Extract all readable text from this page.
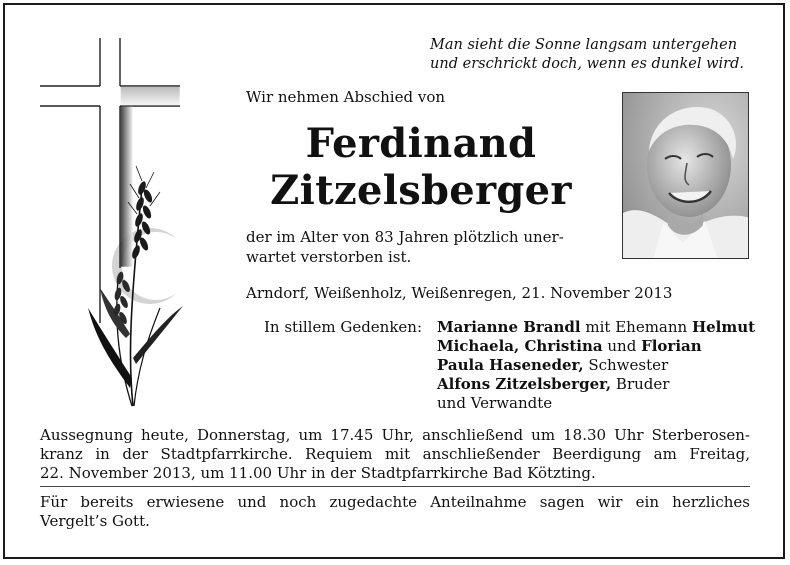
Man sieht die Sonne langsam untergehen
und erschrickt doch, wenn es dunkel wird.
Wir nehmen Abschied von
Ferdinand
Zitzelsberger
der im Alter von 83 Jahren plötzlich uner-
wartet verstorben ist.
Arndorf, Weißenholz, Weißenregen, 21. November 2013
In stillem Gedenken: Marianne Brandl mit Ehemann Helmut
Michaela, Christina und Florian
Paula Haseneder, Schwester
Alfons Zitzelsberger, Bruder
und Verwandte
Aussegnung heute, Donnerstag, um 17.45 Uhr, anschließend um 18.30 Uhr Sterberosen-
kranz in der Stadtpfarrkirche. Requiem mit anschließender Beerdigung am Freitag,
22. November 2013, um 11.00 Uhr in der Stadtpfarrkirche Bad Kötzting.
Für bereits erwiesene und noch zugedachte Anteilnahme sagen wir ein herzliches
Vergelt’s Gott.
